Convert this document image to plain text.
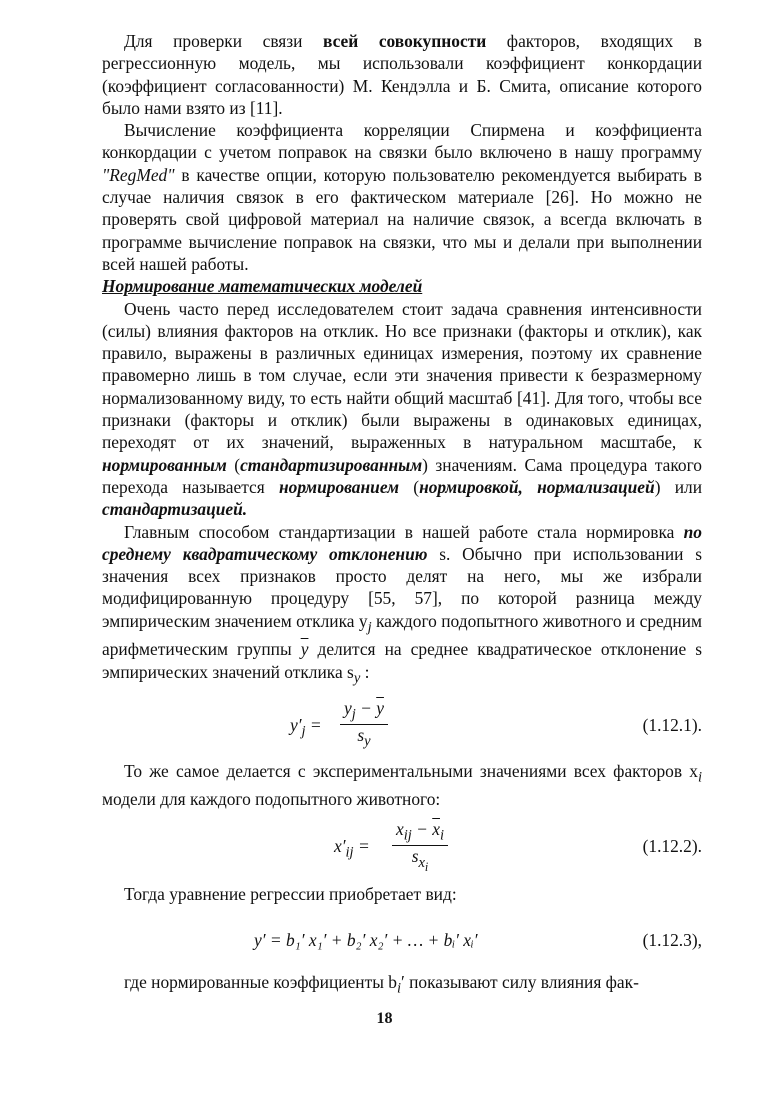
Для проверки связи всей совокупности факторов, входящих в регрессионную модель, мы использовали коэффициент конкордации (коэффициент согласованности) М. Кендэлла и Б. Смита, описание которого было нами взято из [11].

Вычисление коэффициента корреляции Спирмена и коэффициента конкордации с учетом поправок на связки было включено в нашу программу "RegMed" в качестве опции, которую пользователю рекомендуется выбирать в случае наличия связок в его фактическом материале [26]. Но можно не проверять свой цифровой материал на наличие связок, а всегда включать в программе вычисление поправок на связки, что мы и делали при выполнении всей нашей работы.

Нормирование математических моделей

Очень часто перед исследователем стоит задача сравнения интенсивности (силы) влияния факторов на отклик. Но все признаки (факторы и отклик), как правило, выражены в различных единицах измерения, поэтому их сравнение правомерно лишь в том случае, если эти значения привести к безразмерному нормализованному виду, то есть найти общий масштаб [41]. Для того, чтобы все признаки (факторы и отклик) были выражены в одинаковых единицах, переходят от их значений, выраженных в натуральном масштабе, к нормированным (стандартизированным) значениям. Сама процедура такого перехода называется нормированием (нормировкой, нормализацией) или стандартизацией.

Главным способом стандартизации в нашей работе стала нормировка по среднему квадратическому отклонению s. Обычно при использовании s значения всех признаков просто делят на него, мы же избрали модифицированную процедуру [55, 57], по которой разница между эмпирическим значением отклика $y_j$ каждого подопытного животного и средним арифметическим группы $\overline{y}$ делится на среднее квадратическое отклонение s эмпирических значений отклика $s_y$ :

$y'_j = \frac{y_j - \overline{y}}{s_y}$	(1.12.1).

То же самое делается с экспериментальными значениями всех факторов $x_i$ модели для каждого подопытного животного:

$x'_{ij}$ =
$x_{ij} - \overline{x}_i$
$s_{x_i}$
(1.12.2).

Тогда уравнение регрессии приобретает вид:

y′ = b₁′ x₁′ + b₂′ x₂′ + … + bᵢ′ xᵢ′	(1.12.3),

где нормированные коэффициенты $b_i'$ показывают силу влияния фак-

18
